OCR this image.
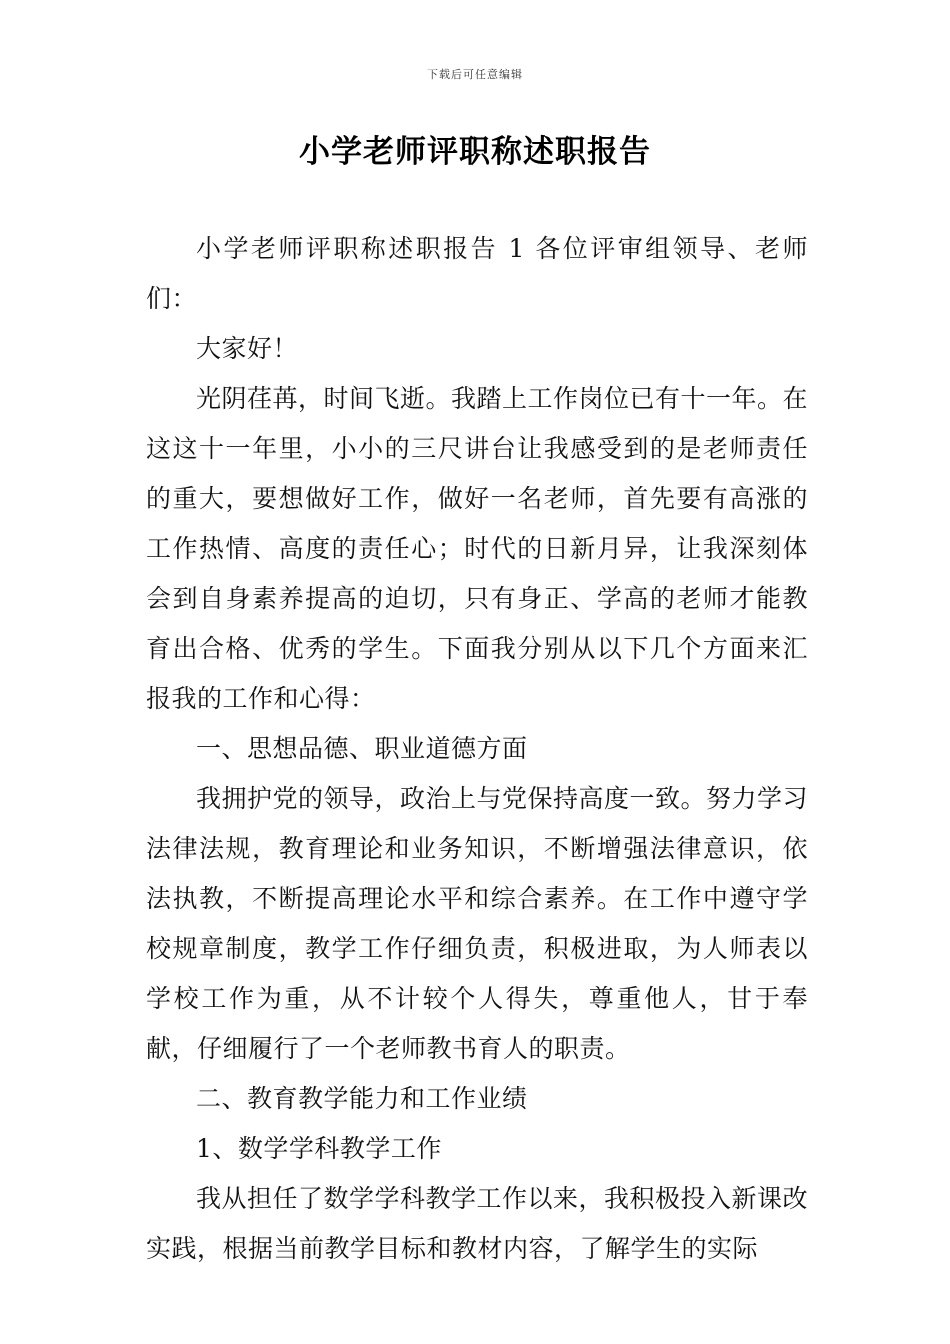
下载后可任意编辑
小学老师评职称述职报告

小学老师评职称述职报告 1 各位评审组领导、老师们：

大家好！

光阴荏苒，时间飞逝。我踏上工作岗位已有十一年。在这这十一年里，小小的三尺讲台让我感受到的是老师责任的重大，要想做好工作，做好一名老师，首先要有高涨的工作热情、高度的责任心；时代的日新月异，让我深刻体会到自身素养提高的迫切，只有身正、学高的老师才能教育出合格、优秀的学生。下面我分别从以下几个方面来汇报我的工作和心得：

一、思想品德、职业道德方面

我拥护党的领导，政治上与党保持高度一致。努力学习法律法规，教育理论和业务知识，不断增强法律意识，依法执教，不断提高理论水平和综合素养。在工作中遵守学校规章制度，教学工作仔细负责，积极进取，为人师表以学校工作为重，从不计较个人得失，尊重他人，甘于奉献，仔细履行了一个老师教书育人的职责。

二、教育教学能力和工作业绩

1、数学学科教学工作

我从担任了数学学科教学工作以来，我积极投入新课改实践，根据当前教学目标和教材内容，了解学生的实际
